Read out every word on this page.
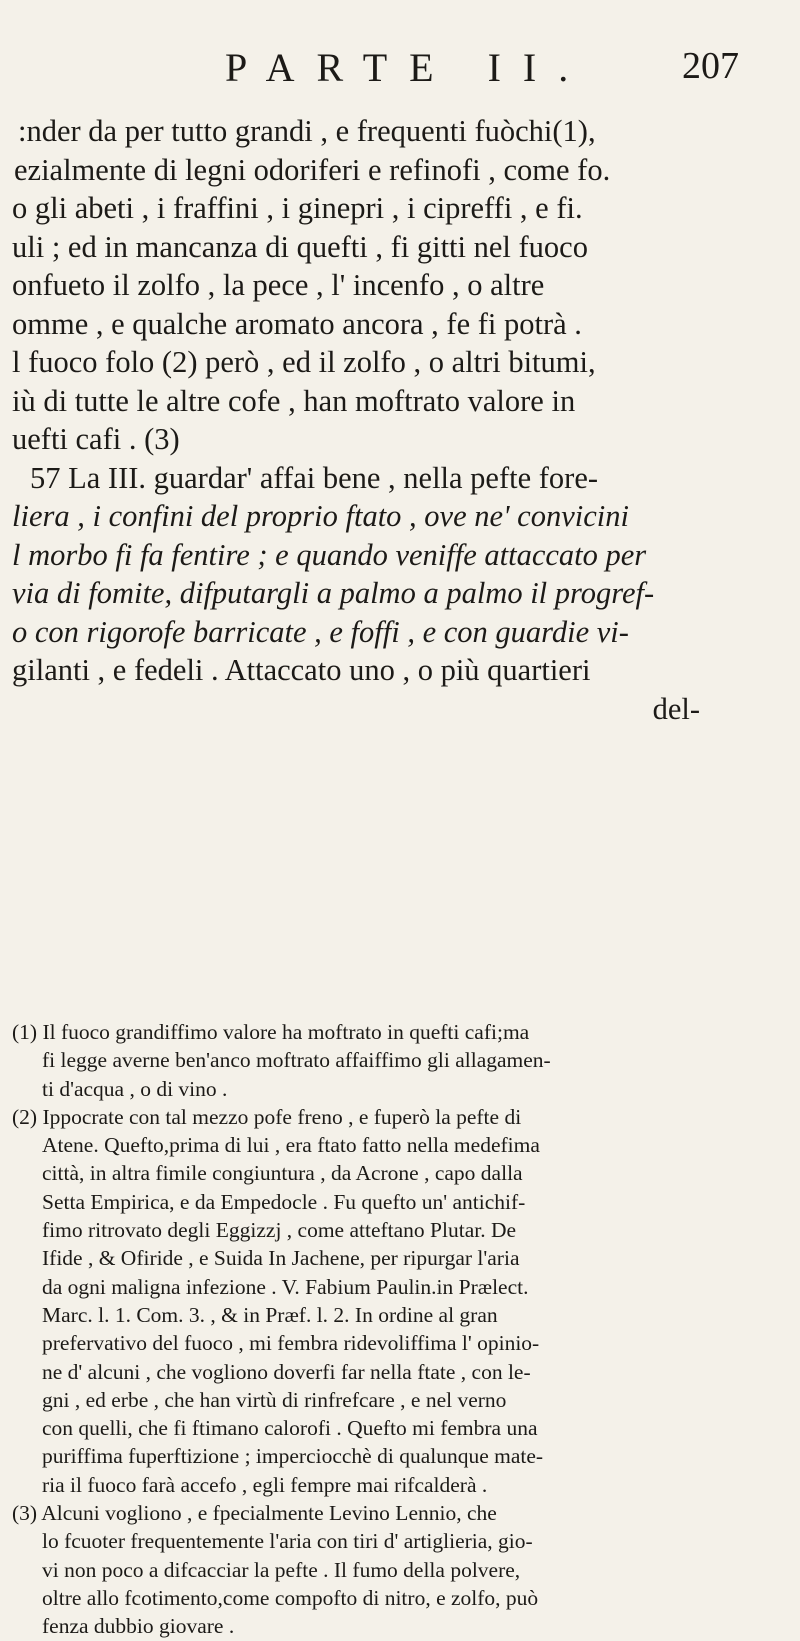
PARTE II. 207
:nder da per tutto grandi , e frequenti fuòchi(1),
ezialmente di legni odoriferi e refinofi , come fo.
o gli abeti , i fraffini , i ginepri , i cipreffi , e fi.
uli ; ed in mancanza di quefti , fi gitti nel fuoco
onfueto il zolfo , la pece , l' incenfo , o altre
omme , e qualche aromato ancora , fe fi potrà .
l fuoco folo (2) però , ed il zolfo , o altri bitumi,
iù di tutte le altre cofe , han moftrato valore in
uefti cafi . (3)
57 La III. guardar' affai bene , nella pefte fore-
liera , i confini del proprio ftato , ove ne' convicini
l morbo fi fa fentire ; e quando veniffe attaccato per
via di fomite, difputargli a palmo a palmo il progref-
o con rigorofe barricate , e foffi , e con guardie vi-
gilanti , e fedeli . Attaccato uno , o più quartieri
del-
(1) Il fuoco grandiffimo valore ha moftrato in quefti cafi;ma
fi legge averne ben'anco moftrato affaiffimo gli allagamen-
ti d'acqua , o di vino .
(2) Ippocrate con tal mezzo pofe freno , e fuperò la pefte di
Atene. Quefto,prima di lui , era ftato fatto nella medefima
città, in altra fimile congiuntura , da Acrone , capo dalla
Setta Empirica, e da Empedocle . Fu quefto un' antichif-
fimo ritrovato degli Eggizzj , come atteftano Plutar. De
Ifide , & Ofiride , e Suida In Jachene, per ripurgar l'aria
da ogni maligna infezione . V. Fabium Paulin.in Prælect.
Marc. l. 1. Com. 3. , & in Præf. l. 2. In ordine al gran
prefervativo del fuoco , mi fembra ridevoliffima l' opinio-
ne d' alcuni , che vogliono doverfi far nella ftate , con le-
gni , ed erbe , che han virtù di rinfrefcare , e nel verno
con quelli, che fi ftimano calorofi . Quefto mi fembra una
puriffima fuperftizione ; imperciocchè di qualunque mate-
ria il fuoco farà accefo , egli fempre mai rifcalderà .
(3) Alcuni vogliono , e fpecialmente Levino Lennio, che
lo fcuoter frequentemente l'aria con tiri d' artiglieria, gio-
vi non poco a difcacciar la pefte . Il fumo della polvere,
oltre allo fcotimento,come compofto di nitro, e zolfo, può
fenza dubbio giovare .
